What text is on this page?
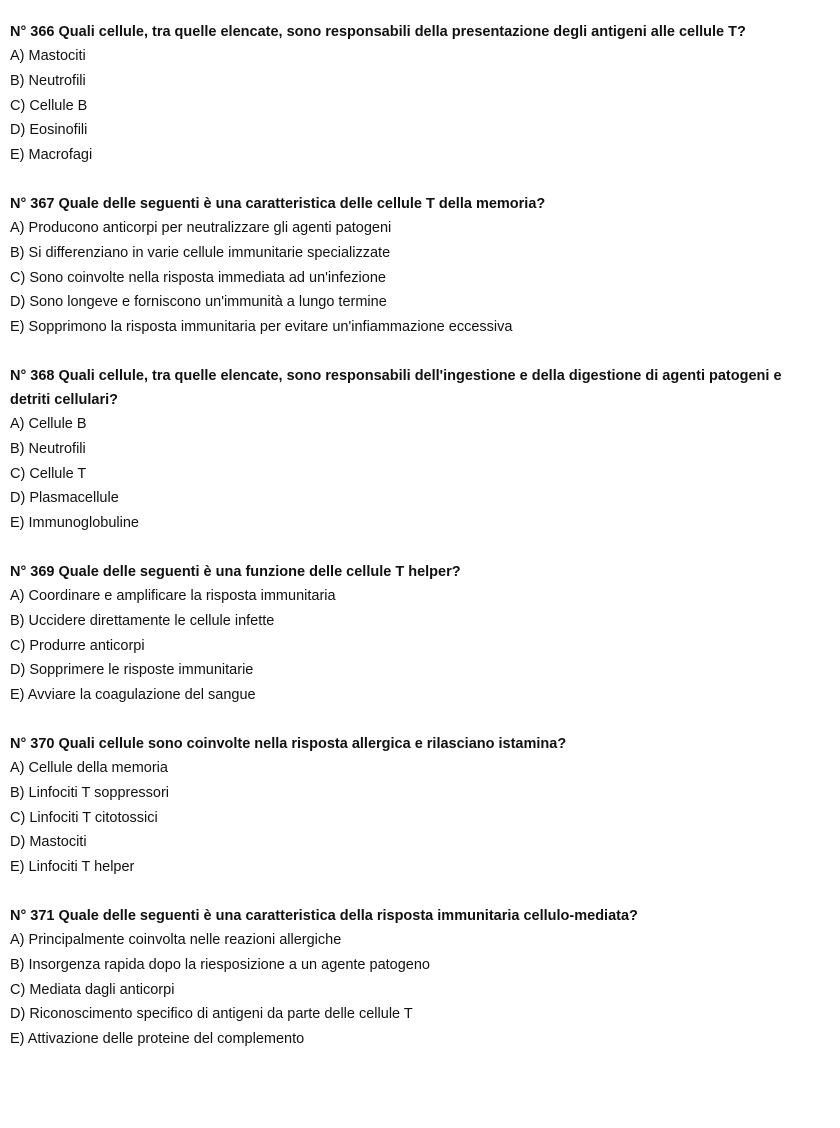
N° 366 Quali cellule, tra quelle elencate, sono responsabili della presentazione degli antigeni alle cellule T?

A) Mastociti

B) Neutrofili

C) Cellule B

D) Eosinofili

E) Macrofagi

N° 367 Quale delle seguenti è una caratteristica delle cellule T della memoria?

A) Producono anticorpi per neutralizzare gli agenti patogeni

B) Si differenziano in varie cellule immunitarie specializzate

C) Sono coinvolte nella risposta immediata ad un'infezione

D) Sono longeve e forniscono un'immunità a lungo termine

E) Sopprimono la risposta immunitaria per evitare un'infiammazione eccessiva

N° 368 Quali cellule, tra quelle elencate, sono responsabili dell'ingestione e della digestione di agenti patogeni e detriti cellulari?

A) Cellule B

B) Neutrofili

C) Cellule T

D) Plasmacellule

E) Immunoglobuline

N° 369 Quale delle seguenti è una funzione delle cellule T helper?

A) Coordinare e amplificare la risposta immunitaria

B) Uccidere direttamente le cellule infette

C) Produrre anticorpi

D) Sopprimere le risposte immunitarie

E) Avviare la coagulazione del sangue

N° 370 Quali cellule sono coinvolte nella risposta allergica e rilasciano istamina?

A) Cellule della memoria

B) Linfociti T soppressori

C) Linfociti T citotossici

D) Mastociti

E) Linfociti T helper

N° 371 Quale delle seguenti è una caratteristica della risposta immunitaria cellulo-mediata?

A) Principalmente coinvolta nelle reazioni allergiche

B) Insorgenza rapida dopo la riesposizione a un agente patogeno

C) Mediata dagli anticorpi

D) Riconoscimento specifico di antigeni da parte delle cellule T

E) Attivazione delle proteine del complemento
